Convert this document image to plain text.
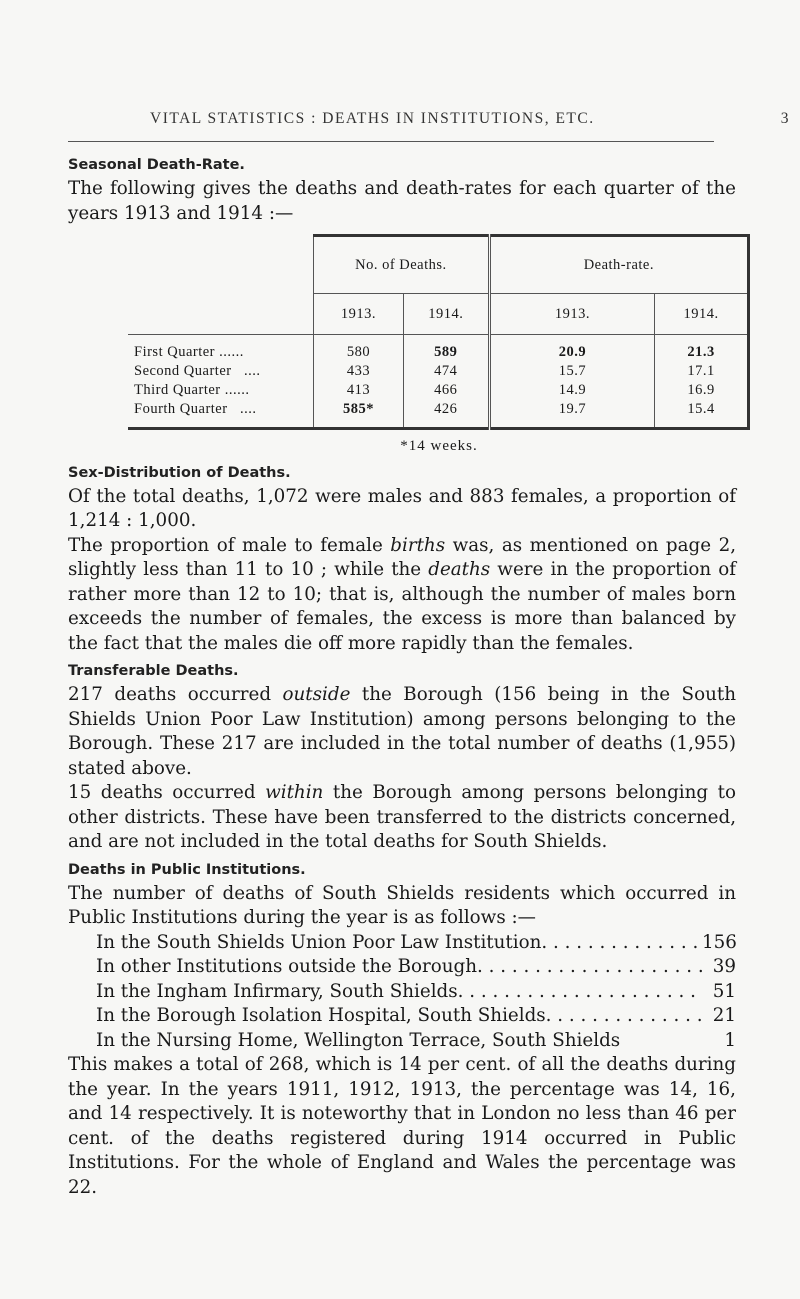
VITAL STATISTICS : DEATHS IN INSTITUTIONS, ETC.	3
Seasonal Death-Rate.

The following gives the deaths and death-rates for each quarter of the years 1913 and 1914 :—

	No. of Deaths.		Death-rate.	
	1913.	1914.	1913.	1914.
First Quarter ......	580	589	20.9	21.3
Second Quarter ....	433	474	15.7	17.1
Third Quarter ......	413	466	14.9	16.9
Fourth Quarter ....	585*	426	19.7	15.4
*14 weeks.
Sex-Distribution of Deaths.

Of the total deaths, 1,072 were males and 883 females, a proportion of 1,214 : 1,000.

The proportion of male to female births was, as mentioned on page 2, slightly less than 11 to 10 ; while the deaths were in the proportion of rather more than 12 to 10; that is, although the number of males born exceeds the number of females, the excess is more than balanced by the fact that the males die off more rapidly than the females.

Transferable Deaths.

217 deaths occurred outside the Borough (156 being in the South Shields Union Poor Law Institution) among persons belonging to the Borough. These 217 are included in the total number of deaths (1,955) stated above.

15 deaths occurred within the Borough among persons belonging to other districts. These have been transferred to the districts concerned, and are not included in the total deaths for South Shields.

Deaths in Public Institutions.

The number of deaths of South Shields residents which occurred in Public Institutions during the year is as follows :—

In the South Shields Union Poor Law Institution . . .	156
In other Institutions outside the Borough . . .	39
In the Ingham Infirmary, South Shields . . .	51
In the Borough Isolation Hospital, South Shields . . .	21
In the Nursing Home, Wellington Terrace, South Shields	1

This makes a total of 268, which is 14 per cent. of all the deaths during the year. In the years 1911, 1912, 1913, the percentage was 14, 16, and 14 respectively. It is noteworthy that in London no less than 46 per cent. of the deaths registered during 1914 occurred in Public Institutions. For the whole of England and Wales the percentage was 22.
